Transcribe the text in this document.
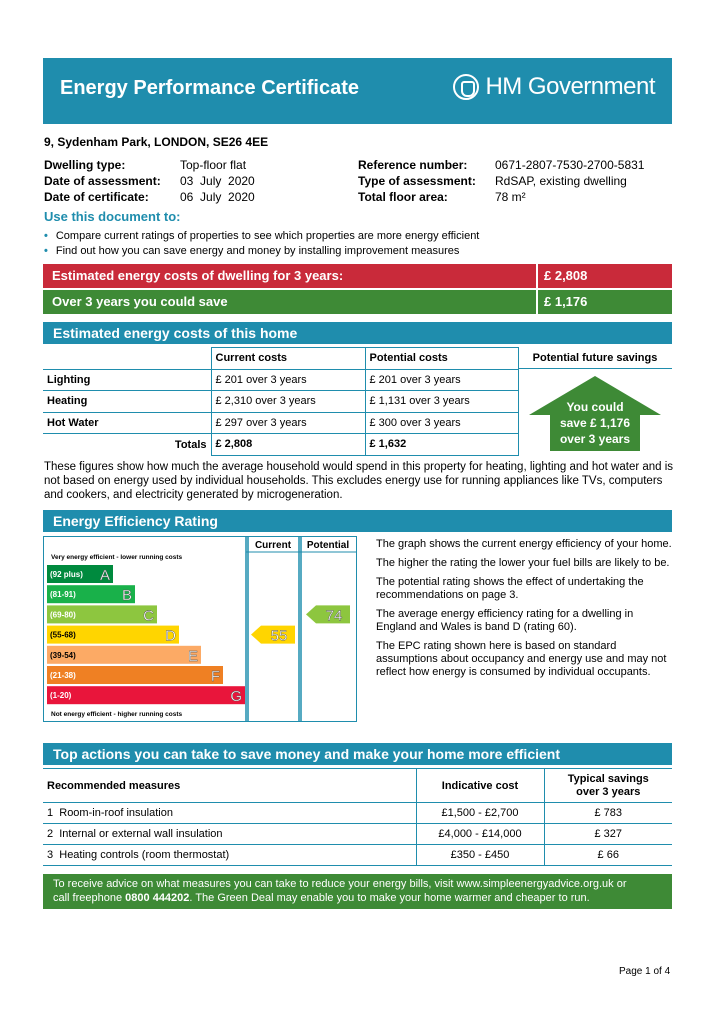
Energy Performance Certificate	HM Government
9, Sydenham Park, LONDON, SE26 4EE
Dwelling type:	Top-floor flat
Date of assessment: 03  July  2020
Date of certificate:	06  July  2020
Reference number: 0671-2807-7530-2700-5831
Type of assessment: RdSAP, existing dwelling
Total floor area:	78 m²
Use this document to:
• Compare current ratings of properties to see which properties are more energy efficient
• Find out how you can save energy and money by installing improvement measures
Estimated energy costs of dwelling for 3 years:	£ 2,808
Over 3 years you could save	£ 1,176
Estimated energy costs of this home
	Current costs	Potential costs
Lighting	£ 201 over 3 years	£ 201 over 3 years
Heating	£ 2,310 over 3 years	£ 1,131 over 3 years
Hot Water	£ 297 over 3 years	£ 300 over 3 years
Totals	£ 2,808	£ 1,632
Potential future savings
You could
save £ 1,176
over 3 years
These figures show how much the average household would spend in this property for heating, lighting and hot water and is not based on energy used by individual households. This excludes energy use for running appliances like TVs, computers and cookers, and electricity generated by microgeneration.
Energy Efficiency Rating
Current Potential
Very energy efficient - lower running costs
Not energy efficient - higher running costs
(92 plus) A
(81-91)	B
(69-80)	C
(55-68)	D
(39-54)	E
(21-38)	F
(1-20)	G
55
74

The graph shows the current energy efficiency of your home.

The higher the rating the lower your fuel bills are likely to be.

The potential rating shows the effect of undertaking the recommendations on page 3.

The average energy efficiency rating for a dwelling in England and Wales is band D (rating 60).

The EPC rating shown here is based on standard assumptions about occupancy and energy use and may not reflect how energy is consumed by individual occupants.

Top actions you can take to save money and make your home more efficient
Recommended measures	Indicative cost	Typical savings
over 3 years

1 Room-in-roof insulation	£1,500 - £2,700	£ 783
2 Internal or external wall insulation	£4,000 - £14,000	£ 327
3 Heating controls (room thermostat)	£350 - £450	£ 66
To receive advice on what measures you can take to reduce your energy bills, visit www.simpleenergyadvice.org.uk or
call freephone 0800 444202. The Green Deal may enable you to make your home warmer and cheaper to run.
Page 1 of 4
